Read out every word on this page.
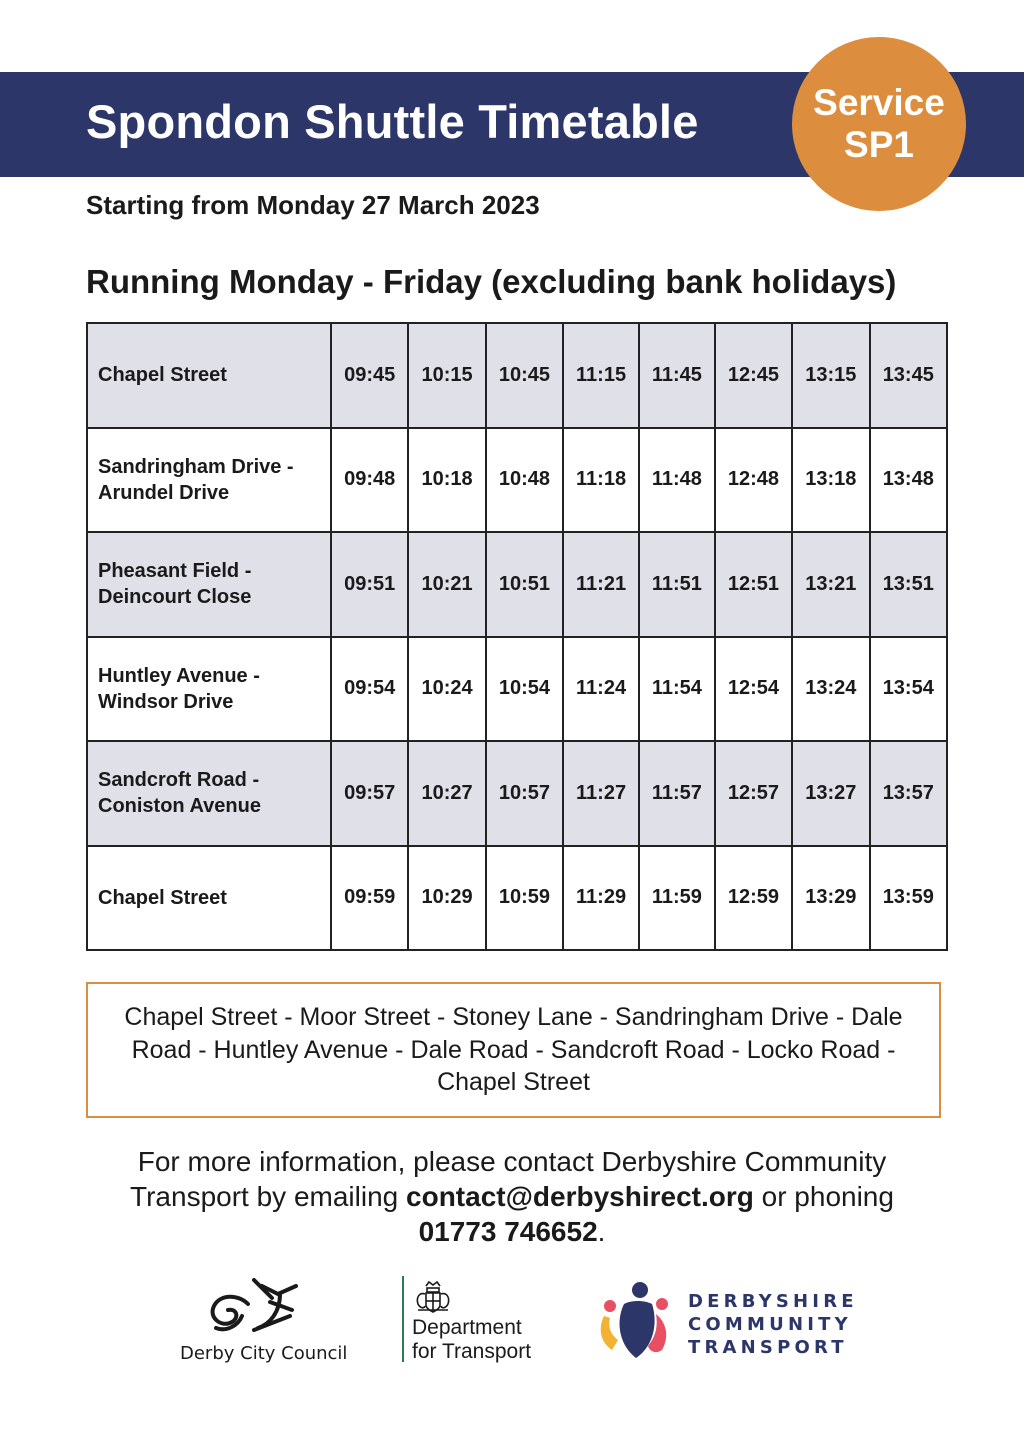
Spondon Shuttle Timetable	Service
SP1
Starting from Monday 27 March 2023
Running Monday - Friday (excluding bank holidays)
Chapel Street	09:45	10:15	10:45	11:15	11:45	12:45	13:15	13:45

Sandringham Drive -
Arundel Drive	09:48	10:18	10:48	11:18	11:48	12:48	13:18	13:48

Pheasant Field -
Deincourt Close	09:51	10:21	10:51	11:21	11:51	12:51	13:21	13:51

Huntley Avenue -
Windsor Drive	09:54	10:24	10:54	11:24	11:54	12:54	13:24	13:54

Sandcroft Road -
Coniston Avenue	09:57	10:27	10:57	11:27	11:57	12:57	13:27	13:57

Chapel Street	09:59	10:29	10:59	11:29	11:59	12:59	13:29	13:59
Chapel Street - Moor Street - Stoney Lane - Sandringham Drive - Dale Road - Huntley Avenue - Dale Road - Sandcroft Road - Locko Road - Chapel Street
For more information, please contact Derbyshire Community Transport by emailing contact@derbyshirect.org or phoning
01773 746652.
Derby City Council
Department
for Transport
DERBYSHIRE
COMMUNITY
TRANSPORT
